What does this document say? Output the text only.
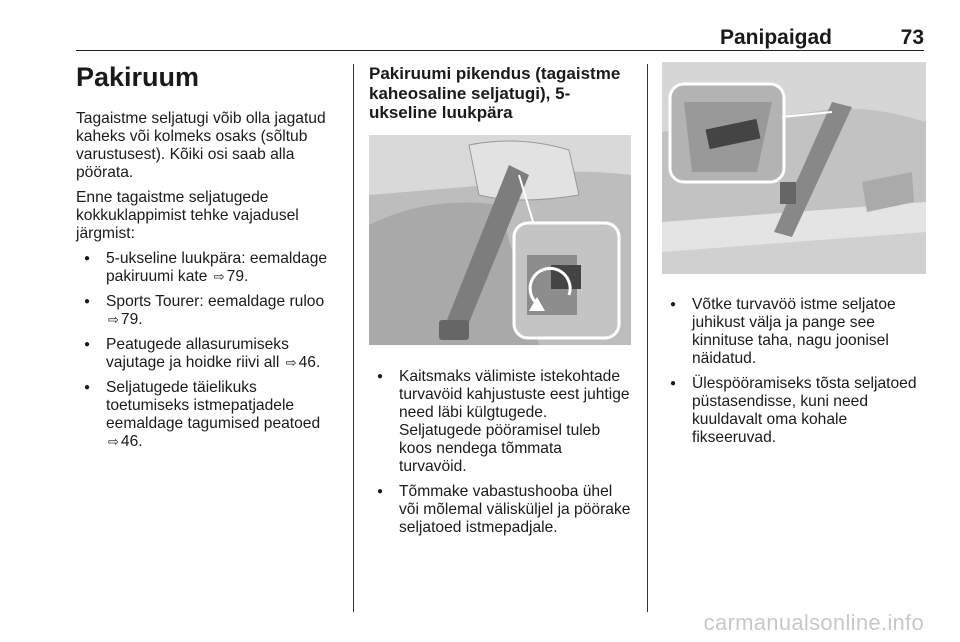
Panipaigad	73
Pakiruum

Tagaistme seljatugi võib olla jagatud kaheks või kolmeks osaks (sõltub varustusest). Kõiki osi saab alla pöörata.

Enne tagaistme seljatugede kokkuklappimist tehke vajadusel järgmist:

● 5-ukseline luukpära: eemaldage pakiruumi kate ⇨ 79.
● Sports Tourer: eemaldage ruloo
⇨ 79.
● Peatugede allasurumiseks vajutage ja hoidke riivi all ⇨ 46.
● Seljatugede täielikuks toetumiseks istmepatjadele eemaldage tagumised peatoed
⇨ 46.
Pakiruumi pikendus (tagaistme kaheosaline seljatugi), 5-ukseline luukpära
● Kaitsmaks välimiste istekohtade turvavöid kahjustuste eest juhtige need läbi külgtugede. Seljatugede pööramisel tuleb koos nendega tõmmata turvavöid.
● Tõmmake vabastushooba ühel või mõlemal välisküljel ja pöörake seljatoed istmepadjale.
● Võtke turvavöö istme seljatoe juhikust välja ja pange see kinnituse taha, nagu joonisel näidatud.
● Ülespööramiseks tõsta seljatoed püstasendisse, kuni need kuuldavalt oma kohale fikseeruvad.
carmanualsonline.info
